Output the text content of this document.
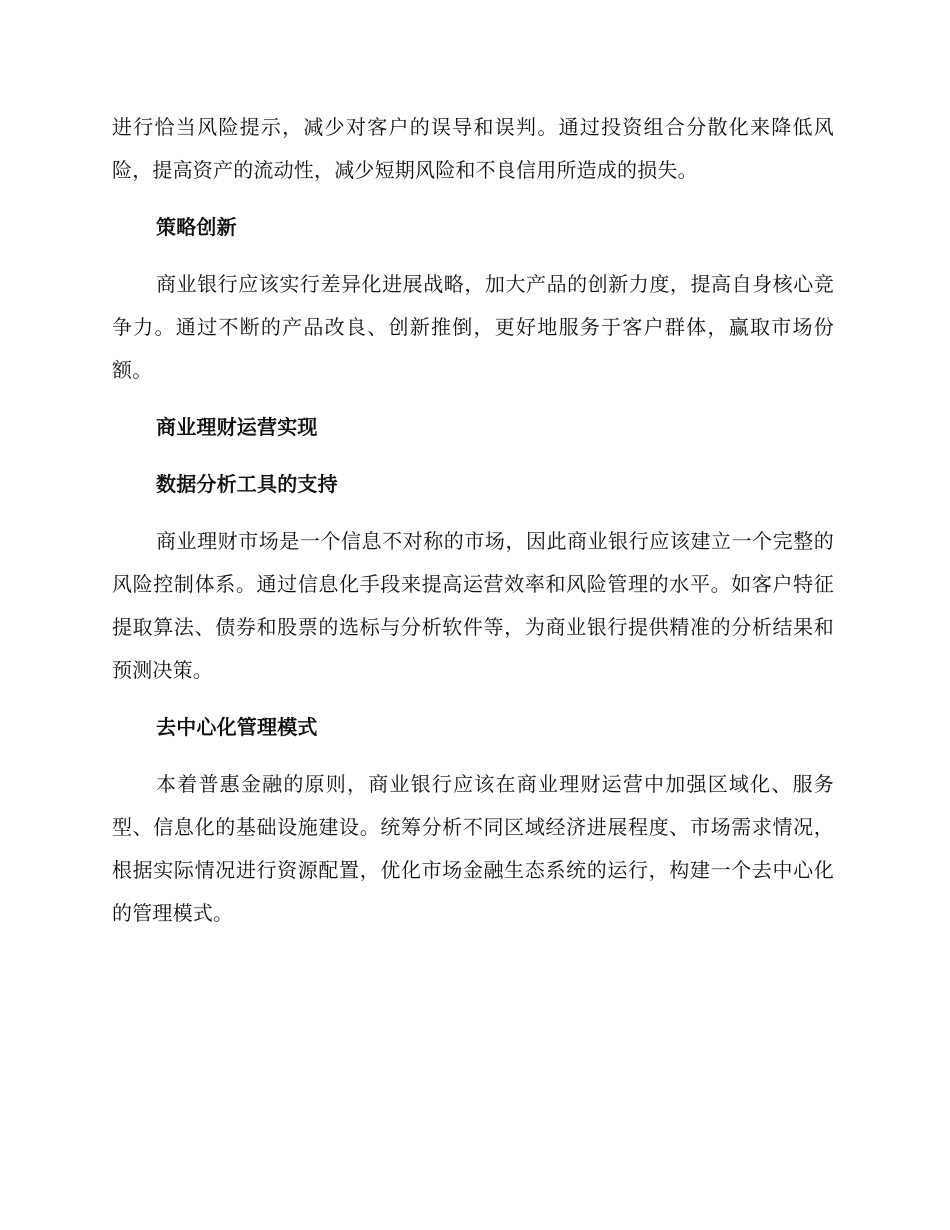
进行恰当风险提示，减少对客户的误导和误判。通过投资组合分散化来降低风险，提高资产的流动性，减少短期风险和不良信用所造成的损失。

策略创新

商业银行应该实行差异化进展战略，加大产品的创新力度，提高自身核心竞争力。通过不断的产品改良、创新推倒，更好地服务于客户群体，赢取市场份额。

商业理财运营实现

数据分析工具的支持

商业理财市场是一个信息不对称的市场，因此商业银行应该建立一个完整的风险控制体系。通过信息化手段来提高运营效率和风险管理的水平。如客户特征提取算法、债券和股票的选标与分析软件等，为商业银行提供精准的分析结果和预测决策。

去中心化管理模式

本着普惠金融的原则，商业银行应该在商业理财运营中加强区域化、服务型、信息化的基础设施建设。统筹分析不同区域经济进展程度、市场需求情况，根据实际情况进行资源配置，优化市场金融生态系统的运行，构建一个去中心化的管理模式。
